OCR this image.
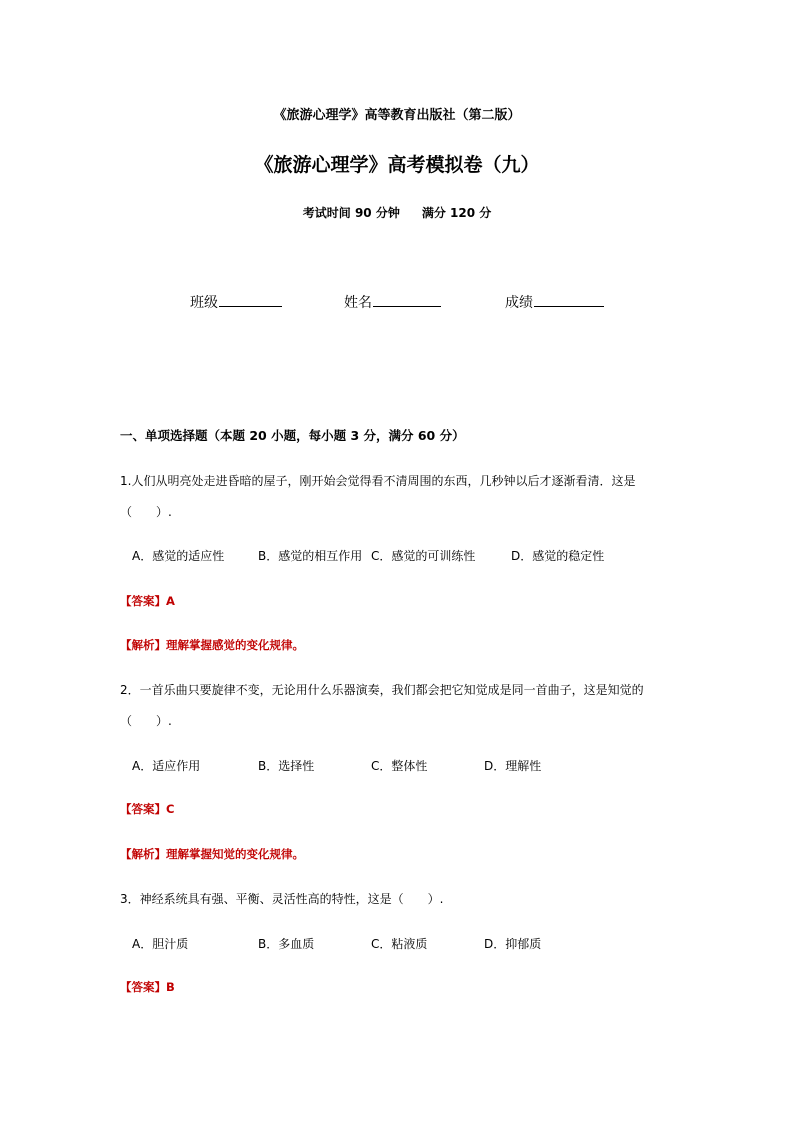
《旅游心理学》高等教育出版社（第二版）
《旅游心理学》高考模拟卷（九）
考试时间 90 分钟 满分 120 分
班级	姓名	成绩
一、单项选择题（本题 20 小题，每小题 3 分，满分 60 分）
1.人们从明亮处走进昏暗的屋子，刚开始会觉得看不清周围的东西，几秒钟以后才逐渐看清．这是
（　　）.
A．感觉的适应性	B．感觉的相互作用 C．感觉的可训练性	D．感觉的稳定性
【答案】A
【解析】理解掌握感觉的变化规律。
2．一首乐曲只要旋律不变，无论用什么乐器演奏，我们都会把它知觉成是同一首曲子，这是知觉的
（　　）.
A．适应作用	B．选择性	C．整体性	D．理解性
【答案】C
【解析】理解掌握知觉的变化规律。
3．神经系统具有强、平衡、灵活性高的特性，这是（　　）.
A．胆汁质	B．多血质	C．粘液质	D．抑郁质
【答案】B
